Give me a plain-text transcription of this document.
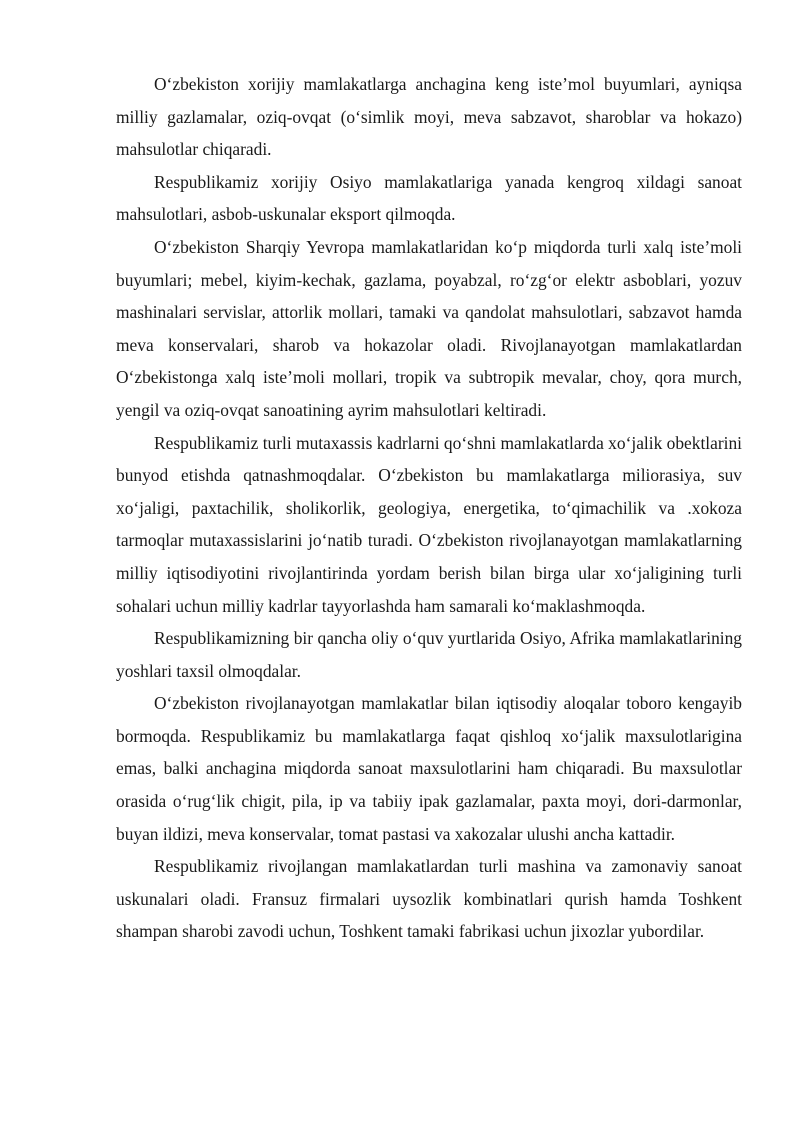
O‘zbekiston xorijiy mamlakatlarga anchagina keng iste’mol buyumlari, ayniqsa milliy gazlamalar, oziq-ovqat (o‘simlik moyi, meva sabzavot, sharoblar va hokazo) mahsulotlar chiqaradi.

Respublikamiz xorijiy Osiyo mamlakatlariga yanada kengroq xildagi sanoat mahsulotlari, asbob-uskunalar eksport qilmoqda.

O‘zbekiston Sharqiy Yevropa mamlakatlaridan ko‘p miqdorda turli xalq iste’moli buyumlari; mebel, kiyim-kechak, gazlama, poyabzal, ro‘zg‘or elektr asboblari, yozuv mashinalari servislar, attorlik mollari, tamaki va qandolat mahsulotlari, sabzavot hamda meva konservalari, sharob va hokazolar oladi. Rivojlanayotgan mamlakatlardan O‘zbekistonga xalq iste’moli mollari, tropik va subtropik mevalar, choy, qora murch, yengil va oziq-ovqat sanoatining ayrim mahsulotlari keltiradi.

Respublikamiz turli mutaxassis kadrlarni qo‘shni mamlakatlarda xo‘jalik obektlarini bunyod etishda qatnashmoqdalar. O‘zbekiston bu mamlakatlarga miliorasiya, suv xo‘jaligi, paxtachilik, sholikorlik, geologiya, energetika, to‘qimachilik va .xokoza tarmoqlar mutaxassislarini jo‘natib turadi. O‘zbekiston rivojlanayotgan mamlakatlarning milliy iqtisodiyotini rivojlantirinda yordam berish bilan birga ular xo‘jaligining turli sohalari uchun milliy kadrlar tayyorlashda ham samarali ko‘maklashmoqda.

Respublikamizning bir qancha oliy o‘quv yurtlarida Osiyo, Afrika mamlakatlarining yoshlari taxsil olmoqdalar.

O‘zbekiston rivojlanayotgan mamlakatlar bilan iqtisodiy aloqalar toboro kengayib bormoqda. Respublikamiz bu mamlakatlarga faqat qishloq xo‘jalik maxsulotlarigina emas, balki anchagina miqdorda sanoat maxsulotlarini ham chiqaradi. Bu maxsulotlar orasida o‘rug‘lik chigit, pila, ip va tabiiy ipak gazlamalar, paxta moyi, dori-darmonlar, buyan ildizi, meva konservalar, tomat pastasi va xakozalar ulushi ancha kattadir.

Respublikamiz rivojlangan mamlakatlardan turli mashina va zamonaviy sanoat uskunalari oladi. Fransuz firmalari uysozlik kombinatlari qurish hamda Toshkent shampan sharobi zavodi uchun, Toshkent tamaki fabrikasi uchun jixozlar yubordilar.
